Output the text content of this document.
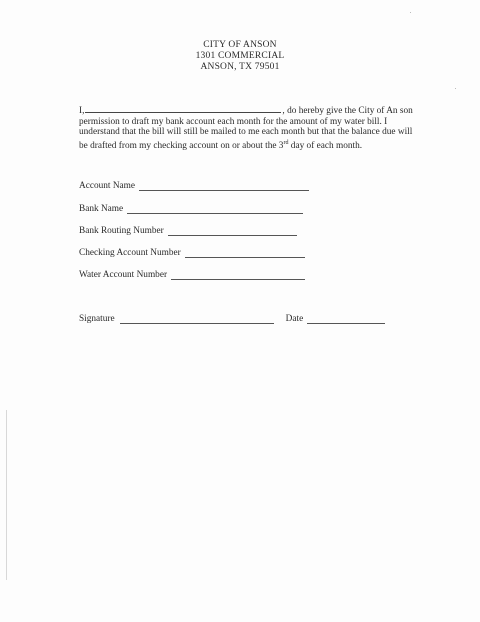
CITY OF ANSON
1301 COMMERCIAL
ANSON, TX 79501
I,	, do hereby give the City of An son
permission to draft my bank account each month for the amount of my water bill. I
understand that the bill will still be mailed to me each month but that the balance due will
be drafted from my checking account on or about the 3rd day of each month.
Account Name
Bank Name
Bank Routing Number
Checking Account Number
Water Account Number
Signature	Date
